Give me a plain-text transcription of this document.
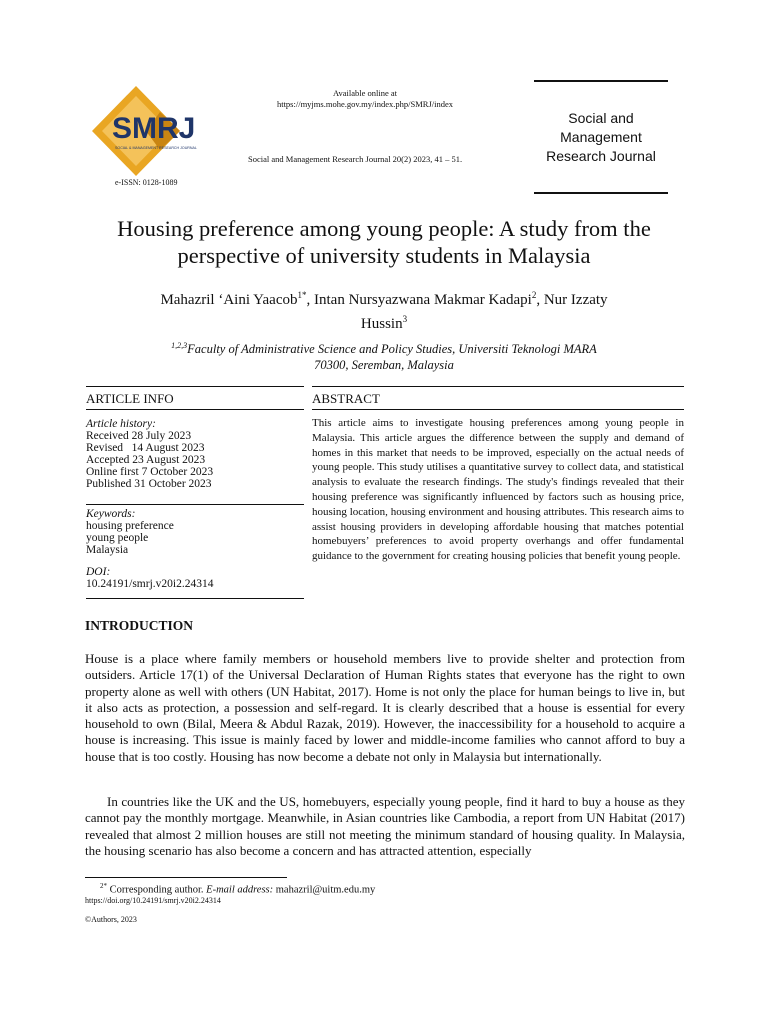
SMRJ
SOCIAL & MANAGEMENT RESEARCH JOURNAL
e-ISSN: 0128-1089
Available online at
https://myjms.mohe.gov.my/index.php/SMRJ/index
Social and Management Research Journal 20(2) 2023, 41 – 51.
Social and
Management
Research Journal
Housing preference among young people: A study from the
perspective of university students in Malaysia
Mahazril ‘Aini Yaacob$^{1*}$, Intan Nursyazwana Makmar Kadapi$^2$, Nur Izzaty
Hussin$^3$
$^{1,2,3}$Faculty of Administrative Science and Policy Studies, Universiti Teknologi MARA
70300, Seremban, Malaysia
ARTICLE INFO
Article history:
Received 28 July 2023
Revised   14 August 2023
Accepted 23 August 2023
Online first 7 October 2023
Published 31 October 2023
Keywords:
housing preference
young people
Malaysia
DOI:
10.24191/smrj.v20i2.24314
ABSTRACT

This article aims to investigate housing preferences among young people in Malaysia. This article argues the difference between the supply and demand of homes in this market that needs to be improved, especially on the actual needs of young people. This study utilises a quantitative survey to collect data, and statistical analysis to evaluate the research findings. The study's findings revealed that their housing preference was significantly influenced by factors such as housing price, housing location, housing environment and housing attributes. This research aims to assist housing providers in developing affordable housing that matches potential homebuyers’ preferences to avoid property overhangs and offer fundamental guidance to the government for creating housing policies that benefit young people.

INTRODUCTION

House is a place where family members or household members live to provide shelter and protection from outsiders. Article 17(1) of the Universal Declaration of Human Rights states that everyone has the right to own property alone as well with others (UN Habitat, 2017). Home is not only the place for human beings to live in, but it also acts as protection, a possession and self-regard. It is clearly described that a house is essential for every household to own (Bilal, Meera & Abdul Razak, 2019). However, the inaccessibility for a household to acquire a house is increasing. This issue is mainly faced by lower and middle-income families who cannot afford to buy a house that is too costly. Housing has now become a debate not only in Malaysia but internationally.

In countries like the UK and the US, homebuyers, especially young people, find it hard to buy a house as they cannot pay the monthly mortgage. Meanwhile, in Asian countries like Cambodia, a report from UN Habitat (2017) revealed that almost 2 million houses are still not meeting the minimum standard of housing quality. In Malaysia, the housing scenario has also become a concern and has attracted attention, especially

$^{2*}$ Corresponding author. E-mail address: mahazril@uitm.edu.my
https://doi.org/10.24191/smrj.v20i2.24314
©Authors, 2023
